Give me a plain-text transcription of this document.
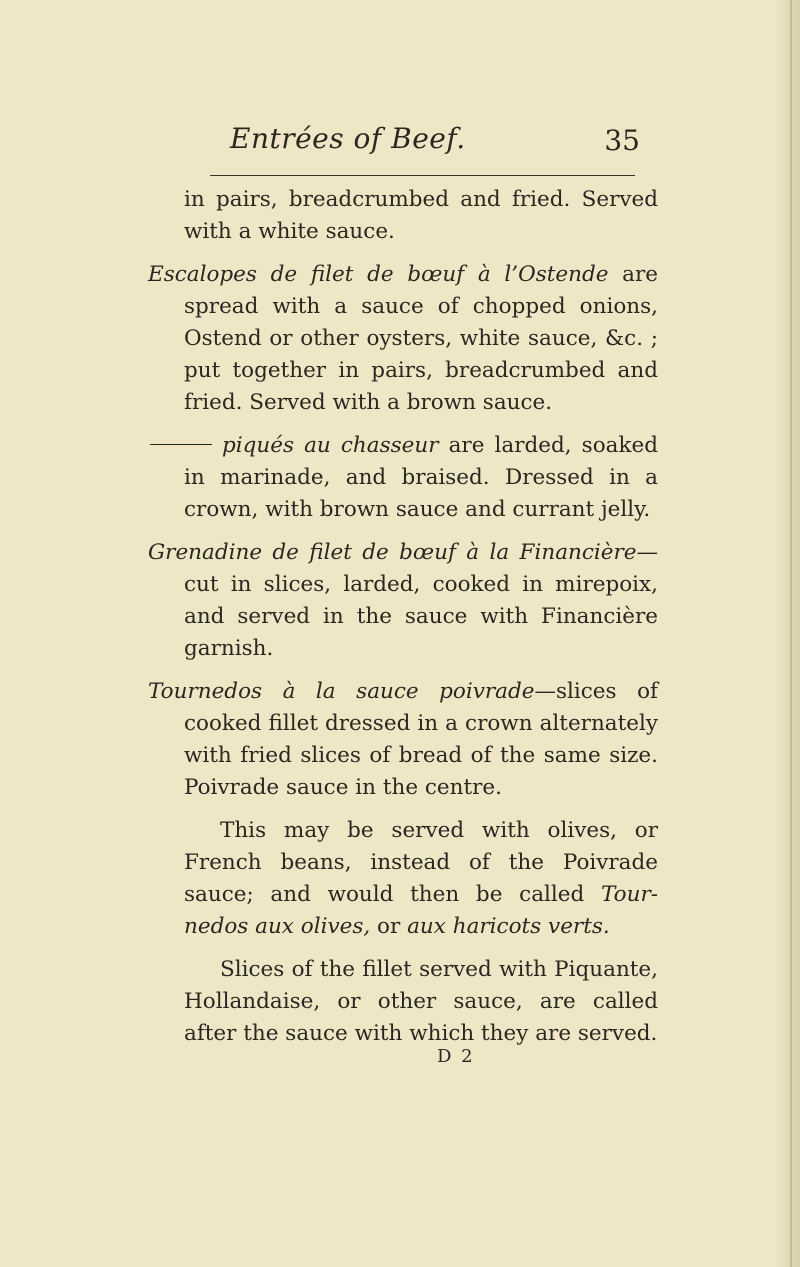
Entrées of Beef.	35

in pairs, breadcrumbed and fried. Served with a white sauce.

Escalopes de filet de bœuf à l’Ostende are spread with a sauce of chopped onions, Ostend or other oysters, white sauce, &c. ; put together in pairs, breadcrumbed and fried. Served with a brown sauce.

piqués au chasseur are larded, soaked in marinade, and braised. Dressed in a crown, with brown sauce and currant jelly.

Grenadine de filet de bœuf à la Financière—cut in slices, larded, cooked in mirepoix, and served in the sauce with Financière garnish.

Tournedos à la sauce poivrade—slices of cooked fillet dressed in a crown alternately with fried slices of bread of the same size. Poivrade sauce in the centre.

This may be served with olives, or French beans, instead of the Poivrade sauce; and would then be called Tour-nedos aux olives, or aux haricots verts.

Slices of the fillet served with Piquante, Hollandaise, or other sauce, are called after the sauce with which they are served.

D 2
